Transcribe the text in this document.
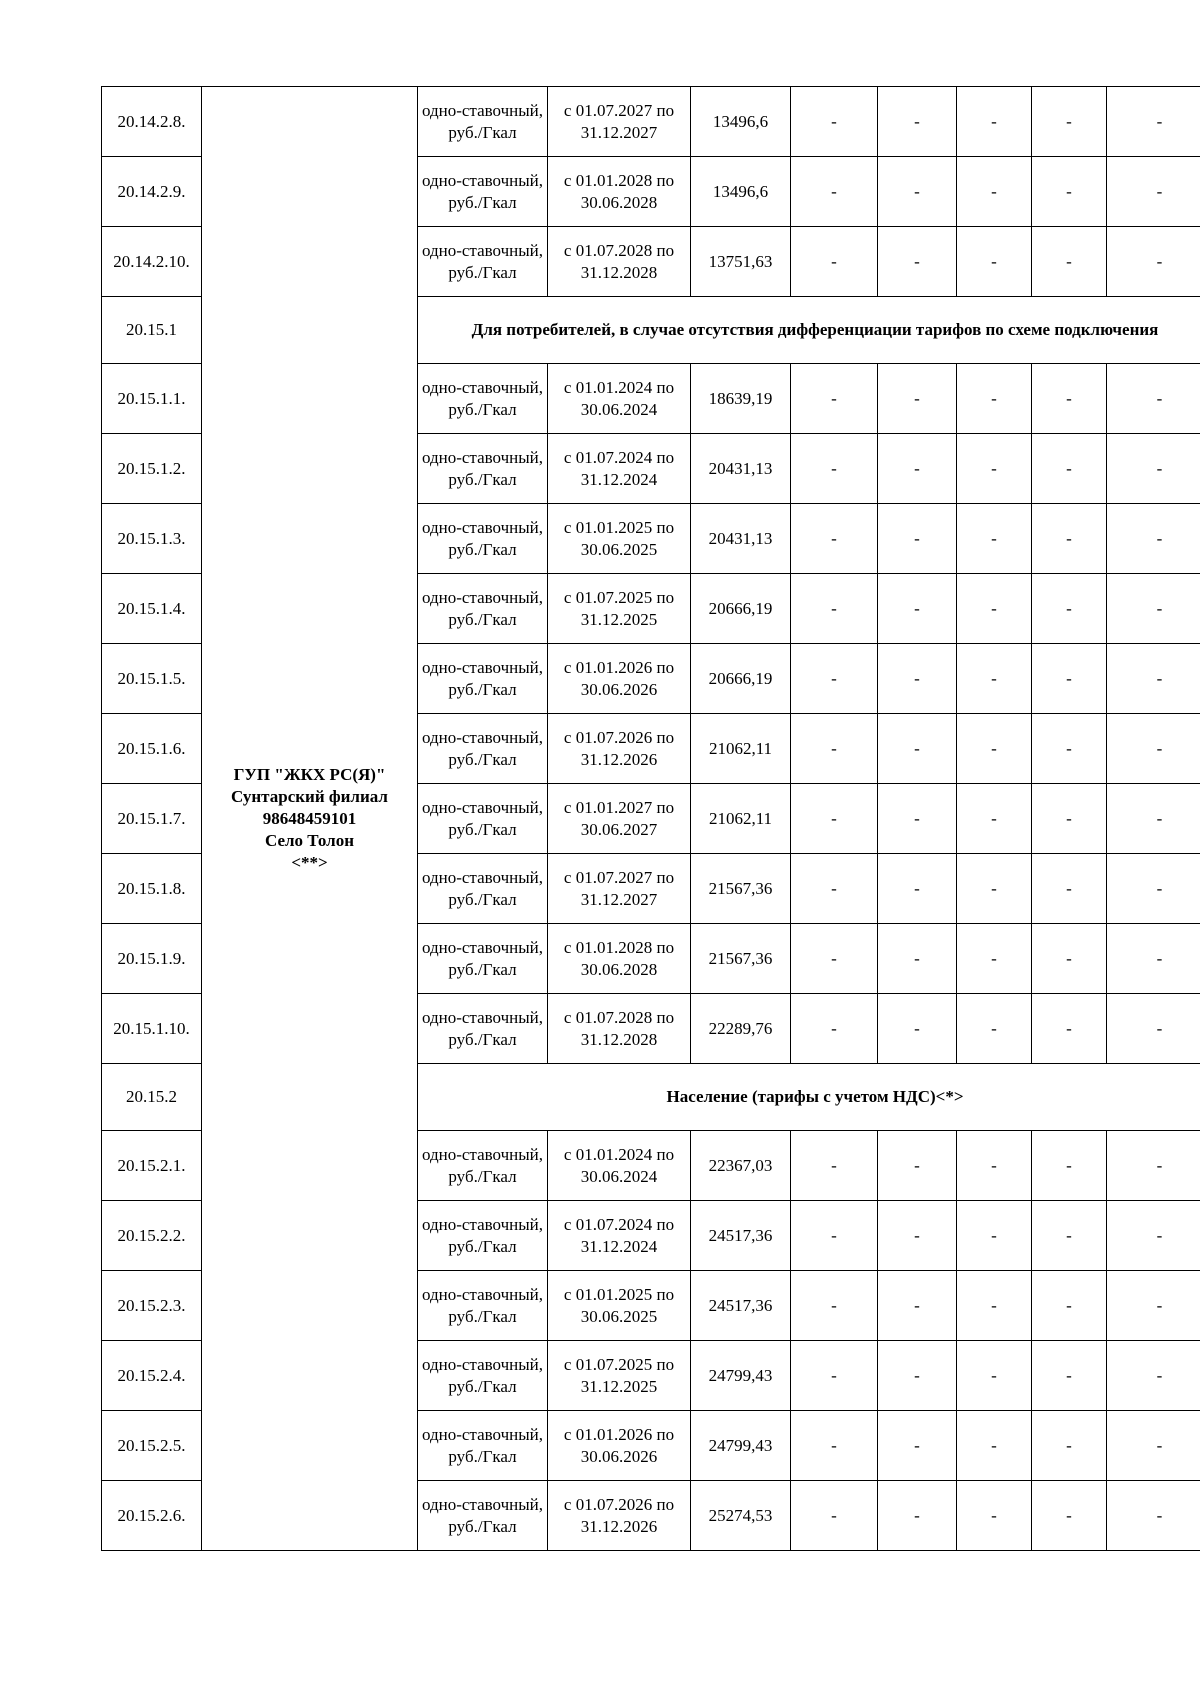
20.14.2.8.	ГУП "ЖКХ РС(Я)"
Сунтарский филиал
98648459101
Село Толон
<**>	одно-ставочный, руб./Гкал	с 01.07.2027 по 31.12.2027	13496,6	-	-	-	-	-
20.14.2.9.		одно-ставочный, руб./Гкал	с 01.01.2028 по 30.06.2028	13496,6	-	-	-	-	-
20.14.2.10.		одно-ставочный, руб./Гкал	с 01.07.2028 по 31.12.2028	13751,63	-	-	-	-	-
20.15.1		Для потребителей, в случае отсутствия дифференциации тарифов по схеме подключения							
20.15.1.1.		одно-ставочный, руб./Гкал	с 01.01.2024 по 30.06.2024	18639,19	-	-	-	-	-
20.15.1.2.		одно-ставочный, руб./Гкал	с 01.07.2024 по 31.12.2024	20431,13	-	-	-	-	-
20.15.1.3.		одно-ставочный, руб./Гкал	с 01.01.2025 по 30.06.2025	20431,13	-	-	-	-	-
20.15.1.4.		одно-ставочный, руб./Гкал	с 01.07.2025 по 31.12.2025	20666,19	-	-	-	-	-
20.15.1.5.		одно-ставочный, руб./Гкал	с 01.01.2026 по 30.06.2026	20666,19	-	-	-	-	-
20.15.1.6.		одно-ставочный, руб./Гкал	с 01.07.2026 по 31.12.2026	21062,11	-	-	-	-	-
20.15.1.7.		одно-ставочный, руб./Гкал	с 01.01.2027 по 30.06.2027	21062,11	-	-	-	-	-
20.15.1.8.		одно-ставочный, руб./Гкал	с 01.07.2027 по 31.12.2027	21567,36	-	-	-	-	-
20.15.1.9.		одно-ставочный, руб./Гкал	с 01.01.2028 по 30.06.2028	21567,36	-	-	-	-	-
20.15.1.10.		одно-ставочный, руб./Гкал	с 01.07.2028 по 31.12.2028	22289,76	-	-	-	-	-
20.15.2		Население (тарифы с учетом НДС)<*>							
20.15.2.1.		одно-ставочный, руб./Гкал	с 01.01.2024 по 30.06.2024	22367,03	-	-	-	-	-
20.15.2.2.		одно-ставочный, руб./Гкал	с 01.07.2024 по 31.12.2024	24517,36	-	-	-	-	-
20.15.2.3.		одно-ставочный, руб./Гкал	с 01.01.2025 по 30.06.2025	24517,36	-	-	-	-	-
20.15.2.4.		одно-ставочный, руб./Гкал	с 01.07.2025 по 31.12.2025	24799,43	-	-	-	-	-
20.15.2.5.		одно-ставочный, руб./Гкал	с 01.01.2026 по 30.06.2026	24799,43	-	-	-	-	-
20.15.2.6.		одно-ставочный, руб./Гкал	с 01.07.2026 по 31.12.2026	25274,53	-	-	-	-	-
